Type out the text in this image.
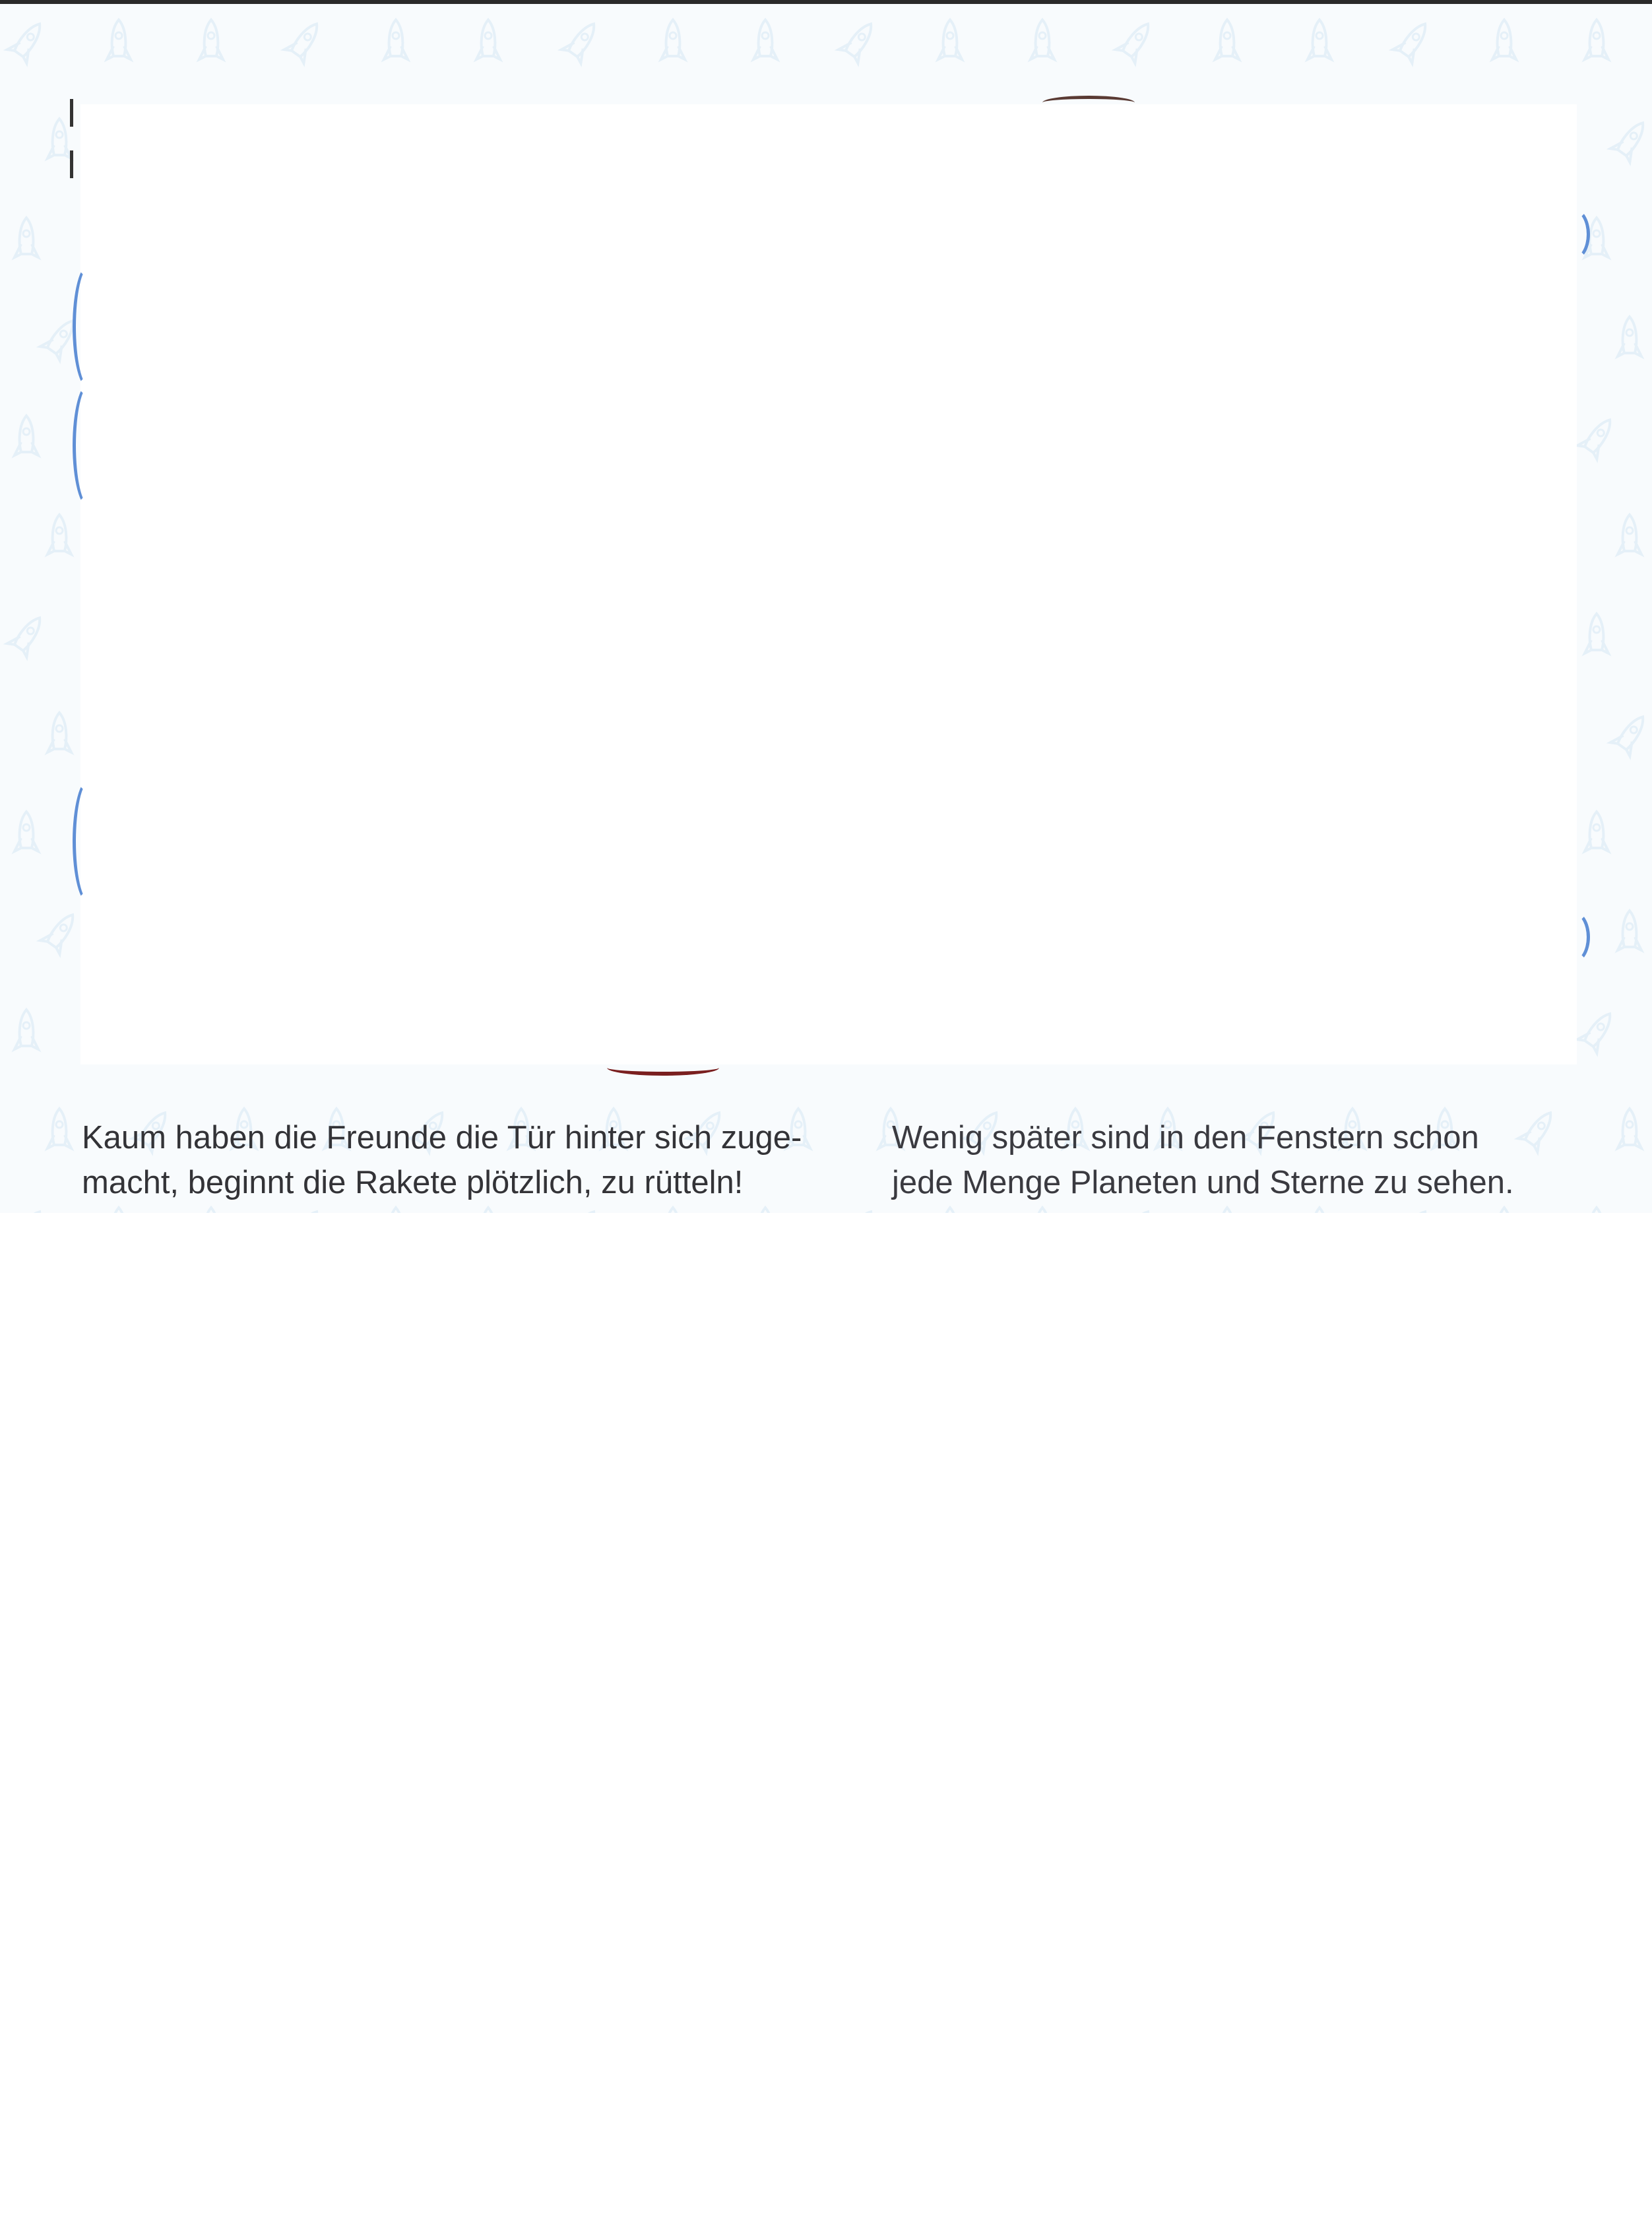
Kaum haben die Freunde die Tür hinter sich zuge-
macht, beginnt die Rakete plötzlich, zu rütteln!

Wenig später sind in den Fenstern schon
jede Menge Planeten und Sterne zu sehen.
